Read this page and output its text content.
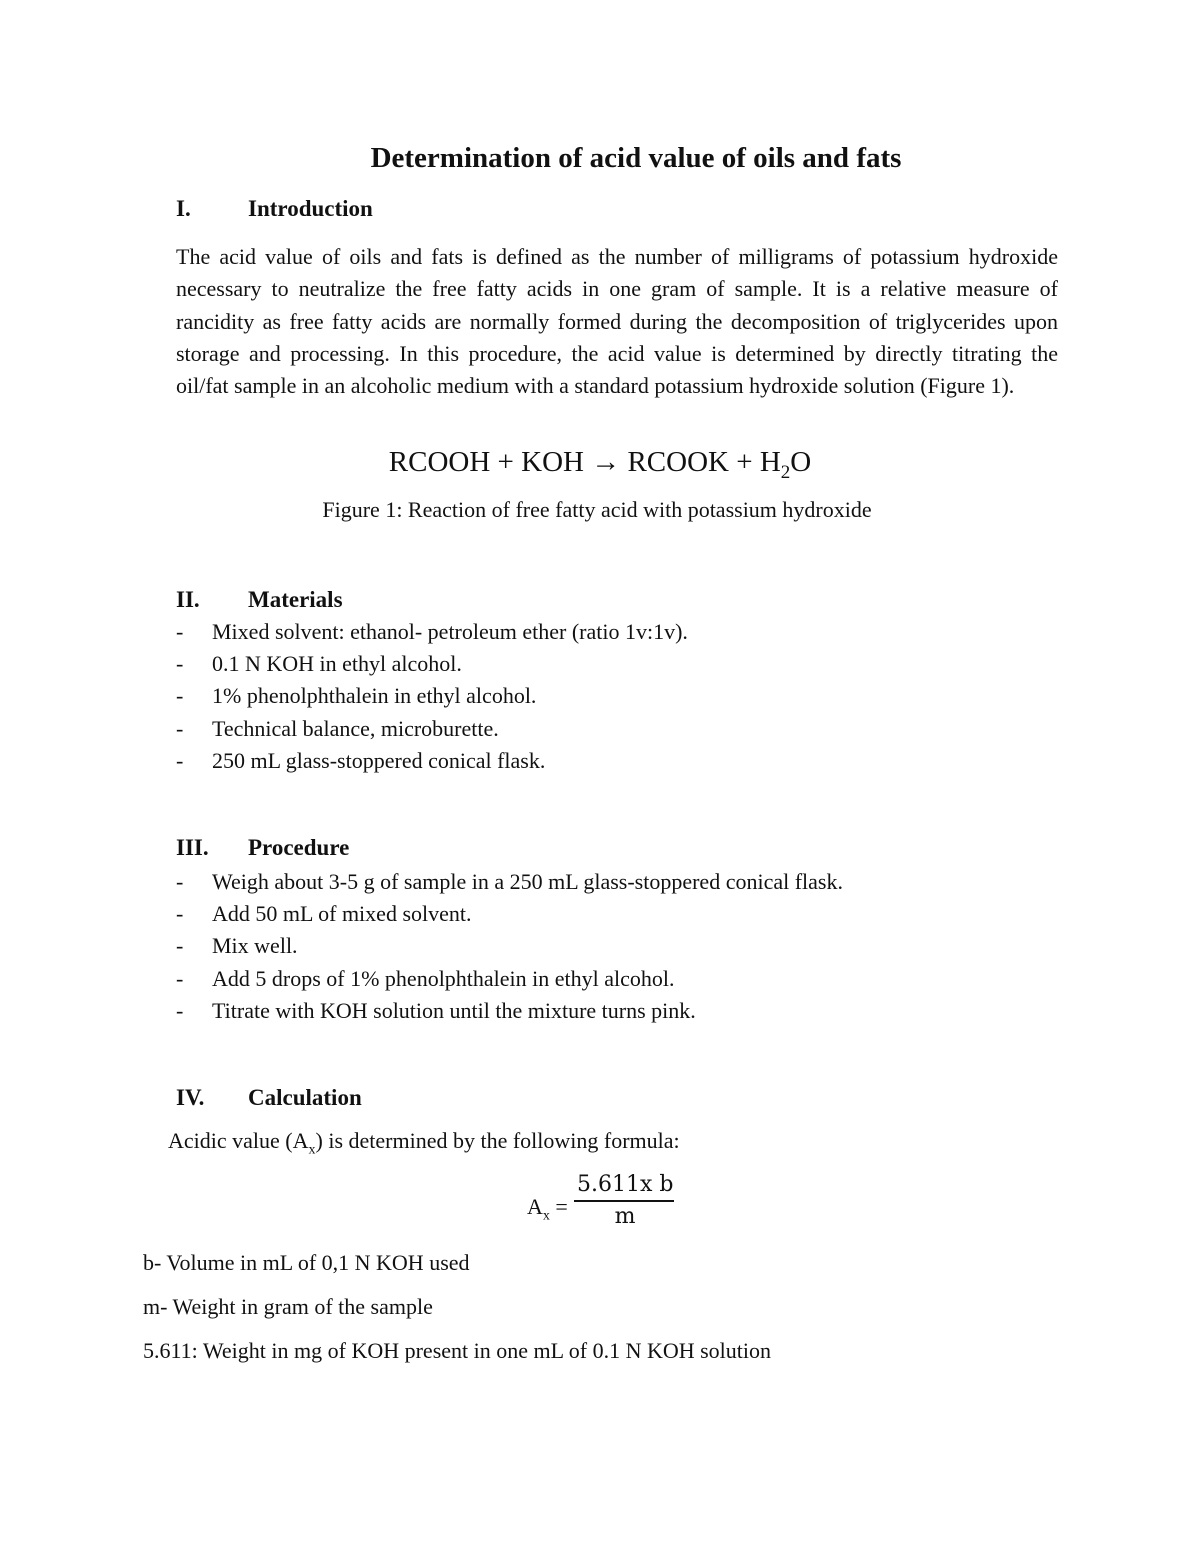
Determination of acid value of oils and fats
I. Introduction
The acid value of oils and fats is defined as the number of milligrams of potassium hydroxide necessary to neutralize the free fatty acids in one gram of sample. It is a relative measure of rancidity as free fatty acids are normally formed during the decomposition of triglycerides upon storage and processing. In this procedure, the acid value is determined by directly titrating the oil/fat sample in an alcoholic medium with a standard potassium hydroxide solution (Figure 1).
RCOOH + KOH → RCOOK + $H_2O$
Figure 1: Reaction of free fatty acid with potassium hydroxide
II. Materials
- Mixed solvent: ethanol- petroleum ether (ratio 1v:1v).
- 0.1 N KOH in ethyl alcohol.
- 1% phenolphthalein in ethyl alcohol.
- Technical balance, microburette.
- 250 mL glass-stoppered conical flask.
III. Procedure
- Weigh about 3-5 g of sample in a 250 mL glass-stoppered conical flask.
- Add 50 mL of mixed solvent.
- Mix well.
- Add 5 drops of 1% phenolphthalein in ethyl alcohol.
- Titrate with KOH solution until the mixture turns pink.
IV. Calculation
Acidic value $(A_x)$ is determined by the following formula:
$A_x$ =
5.611x b
m
b- Volume in mL of 0,1 N KOH used
m- Weight in gram of the sample
5.611: Weight in mg of KOH present in one mL of 0.1 N KOH solution
